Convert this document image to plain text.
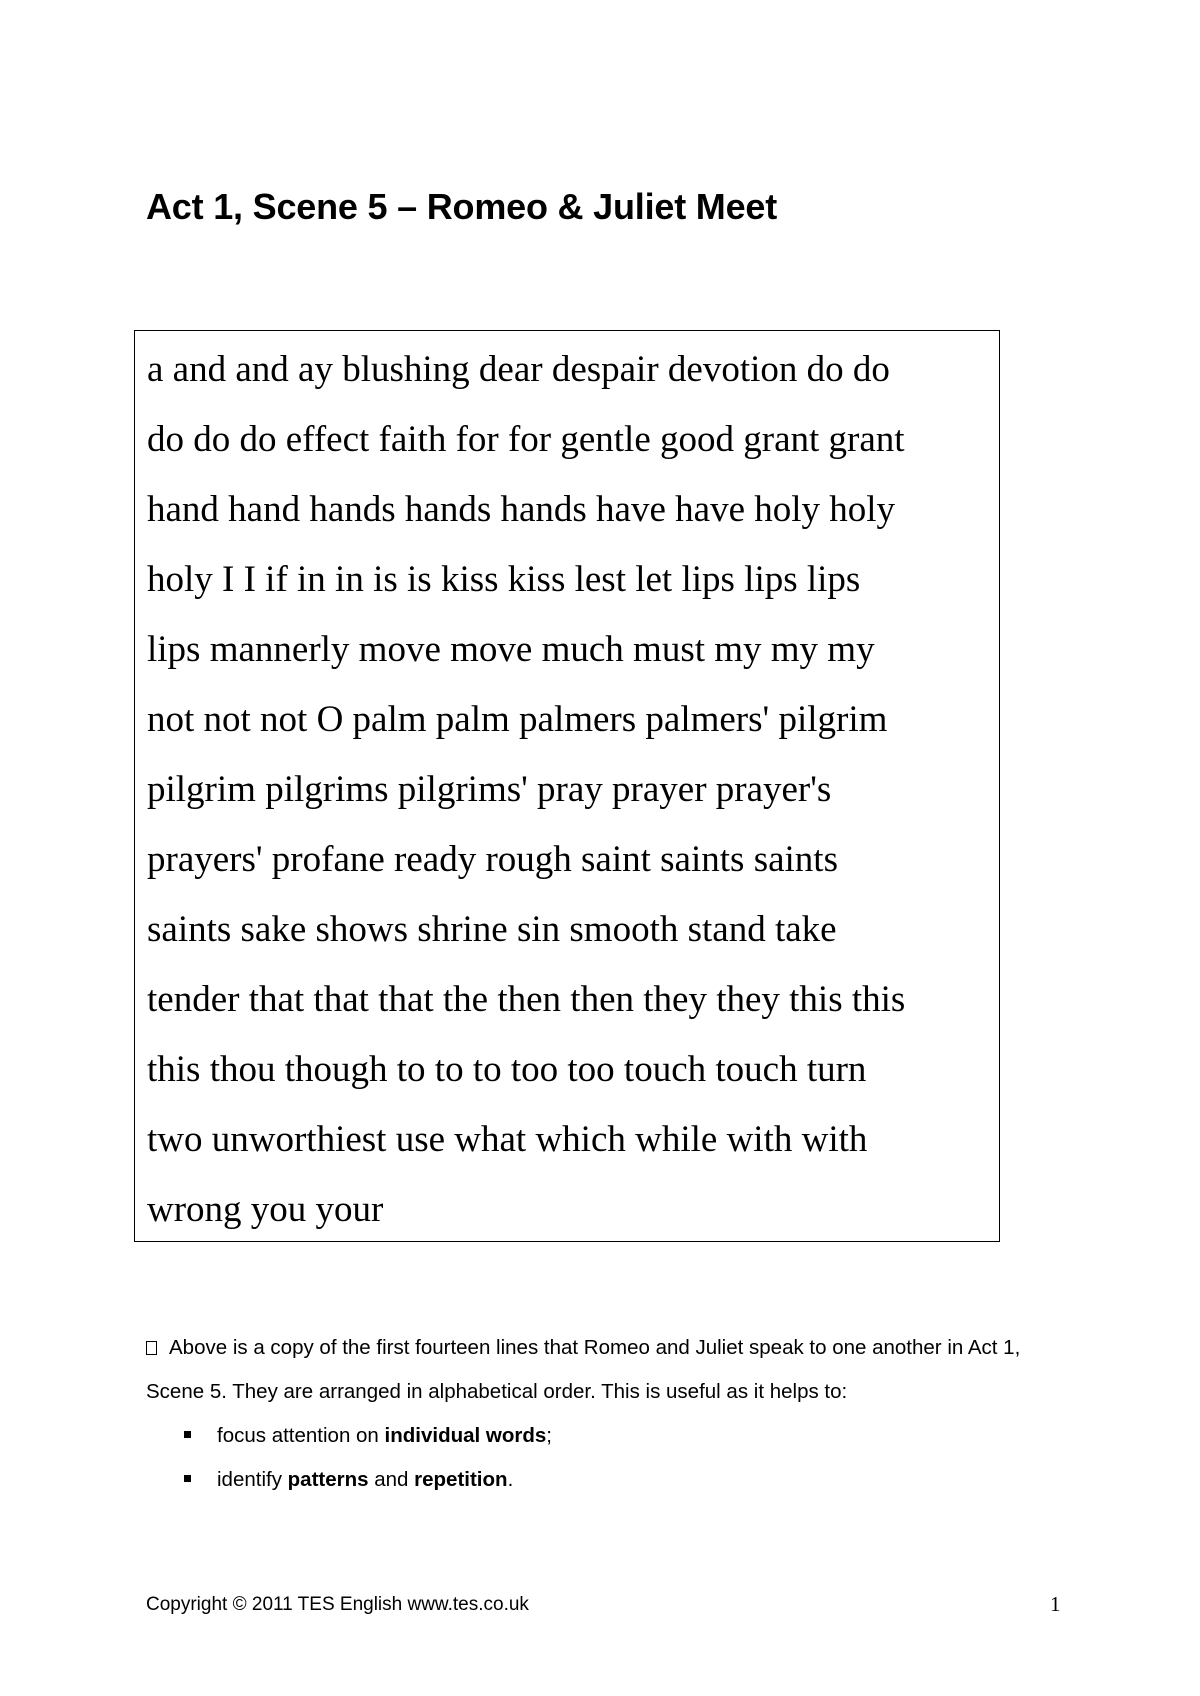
Act 1, Scene 5 – Romeo & Juliet Meet
a and and ay blushing dear despair devotion do do
do do do effect faith for for gentle good grant grant
hand hand hands hands hands have have holy holy
holy I I if in in is is kiss kiss lest let lips lips lips
lips mannerly move move much must my my my
not not not O palm palm palmers palmers' pilgrim
pilgrim pilgrims pilgrims' pray prayer prayer's
prayers' profane ready rough saint saints saints
saints sake shows shrine sin smooth stand take
tender that that that the then then they they this this
this thou though to to to too too touch touch turn
two unworthiest use what which while with with
wrong you your
Above is a copy of the first fourteen lines that Romeo and Juliet speak to one another in Act 1, Scene 5. They are arranged in alphabetical order. This is useful as it helps to:
focus attention on individual words;
identify patterns and repetition.
Copyright © 2011 TES English www.tes.co.uk	1
